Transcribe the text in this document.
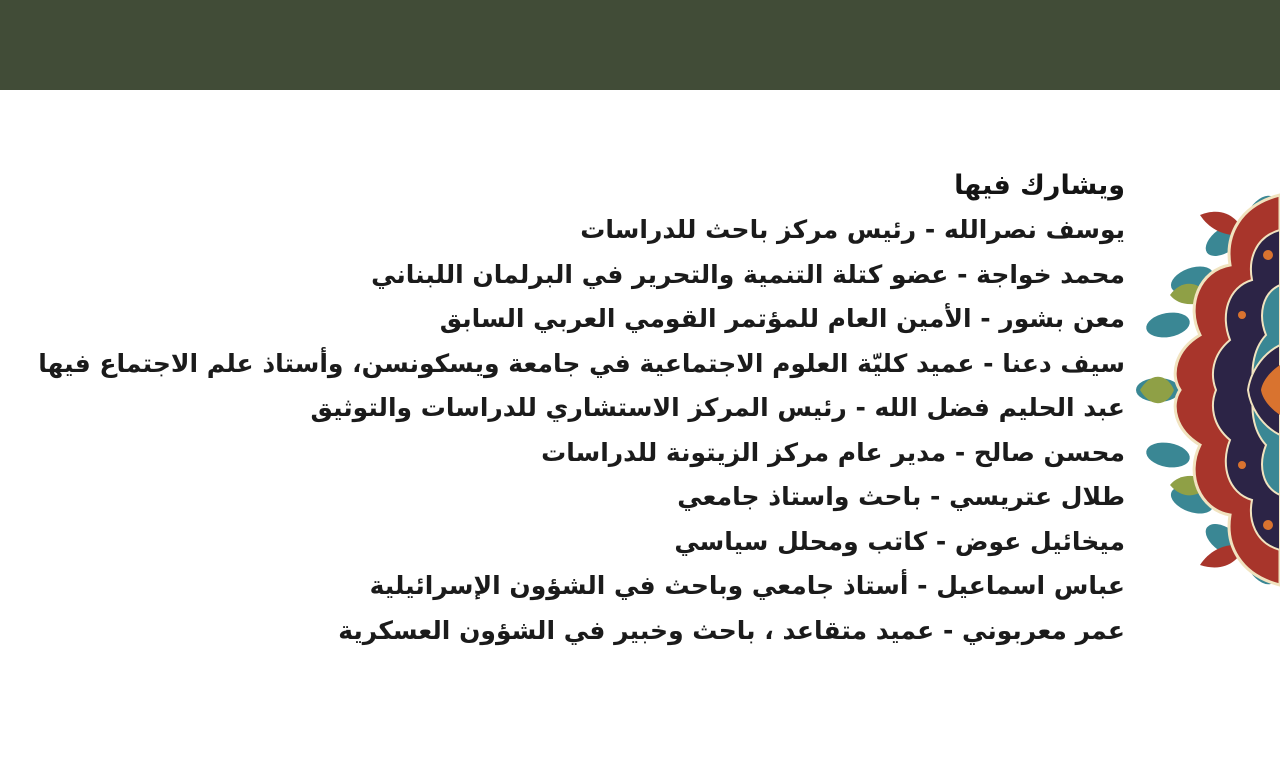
ويشارك فيها
يوسف نصرالله - رئيس مركز باحث للدراسات
محمد خواجة - عضو كتلة التنمية والتحرير في البرلمان اللبناني
معن بشور - الأمين العام للمؤتمر القومي العربي السابق
سيف دعنا - عميد كليّة العلوم الاجتماعية في جامعة ويسكونسن، وأستاذ علم الاجتماع فيها
عبد الحليم فضل الله - رئيس المركز الاستشاري للدراسات والتوثيق
محسن صالح - مدير عام مركز الزيتونة للدراسات
طلال عتريسي - باحث واستاذ جامعي
ميخائيل عوض - كاتب ومحلل سياسي
عباس اسماعيل - أستاذ جامعي وباحث في الشؤون الإسرائيلية
عمر معربوني - عميد متقاعد ، باحث وخبير في الشؤون العسكرية
